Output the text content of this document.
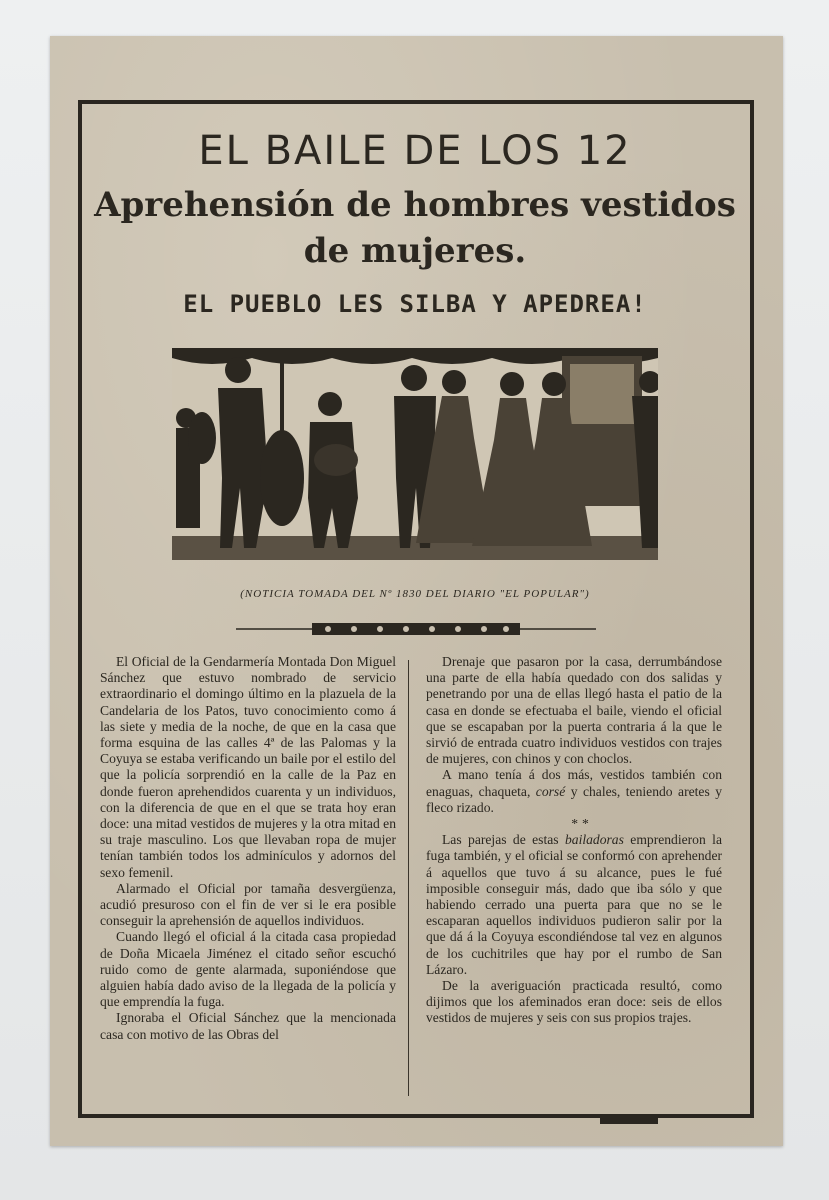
EL BAILE DE LOS 12
Aprehensión de hombres vestidos
de mujeres.
EL PUEBLO LES SILBA Y APEDREA!
(NOTICIA TOMADA DEL Nº 1830 DEL DIARIO "EL POPULAR")

El Oficial de la Gendarmería Montada Don Miguel Sánchez que estuvo nombrado de servicio extraordinario el domingo último en la plazuela de la Candelaria de los Patos, tuvo conocimiento como á las siete y media de la noche, de que en la casa que forma esquina de las calles 4ª de las Palomas y la Coyuya se estaba verificando un baile por el estilo del que la policía sorprendió en la calle de la Paz en donde fueron aprehendidos cuarenta y un individuos, con la diferencia de que en el que se trata hoy eran doce: una mitad vestidos de mujeres y la otra mitad en su traje masculino. Los que llevaban ropa de mujer tenían también todos los adminículos y adornos del sexo femenil.

Alarmado el Oficial por tamaña desvergüenza, acudió presuroso con el fin de ver si le era posible conseguir la aprehensión de aquellos individuos.

Cuando llegó el oficial á la citada casa propiedad de Doña Micaela Jiménez el citado señor escuchó ruido como de gente alarmada, suponiéndose que alguien había dado aviso de la llegada de la policía y que emprendía la fuga.

Ignoraba el Oficial Sánchez que la mencionada casa con motivo de las Obras del

Drenaje que pasaron por la casa, derrumbándose una parte de ella había quedado con dos salidas y penetrando por una de ellas llegó hasta el patio de la casa en donde se efectuaba el baile, viendo el oficial que se escapaban por la puerta contraria á la que le sirvió de entrada cuatro individuos vestidos con trajes de mujeres, con chinos y con choclos.

A mano tenía á dos más, vestidos también con enaguas, chaqueta, corsé y chales, teniendo aretes y fleco rizado.

**

Las parejas de estas bailadoras emprendieron la fuga también, y el oficial se conformó con aprehender á aquellos que tuvo á su alcance, pues le fué imposible conseguir más, dado que iba sólo y que habiendo cerrado una puerta para que no se le escaparan aquellos individuos pudieron salir por la que dá á la Coyuya escondiéndose tal vez en algunos de los cuchitriles que hay por el rumbo de San Lázaro.

De la averiguación practicada resultó, como dijimos que los afeminados eran doce: seis de ellos vestidos de mujeres y seis con sus propios trajes.
